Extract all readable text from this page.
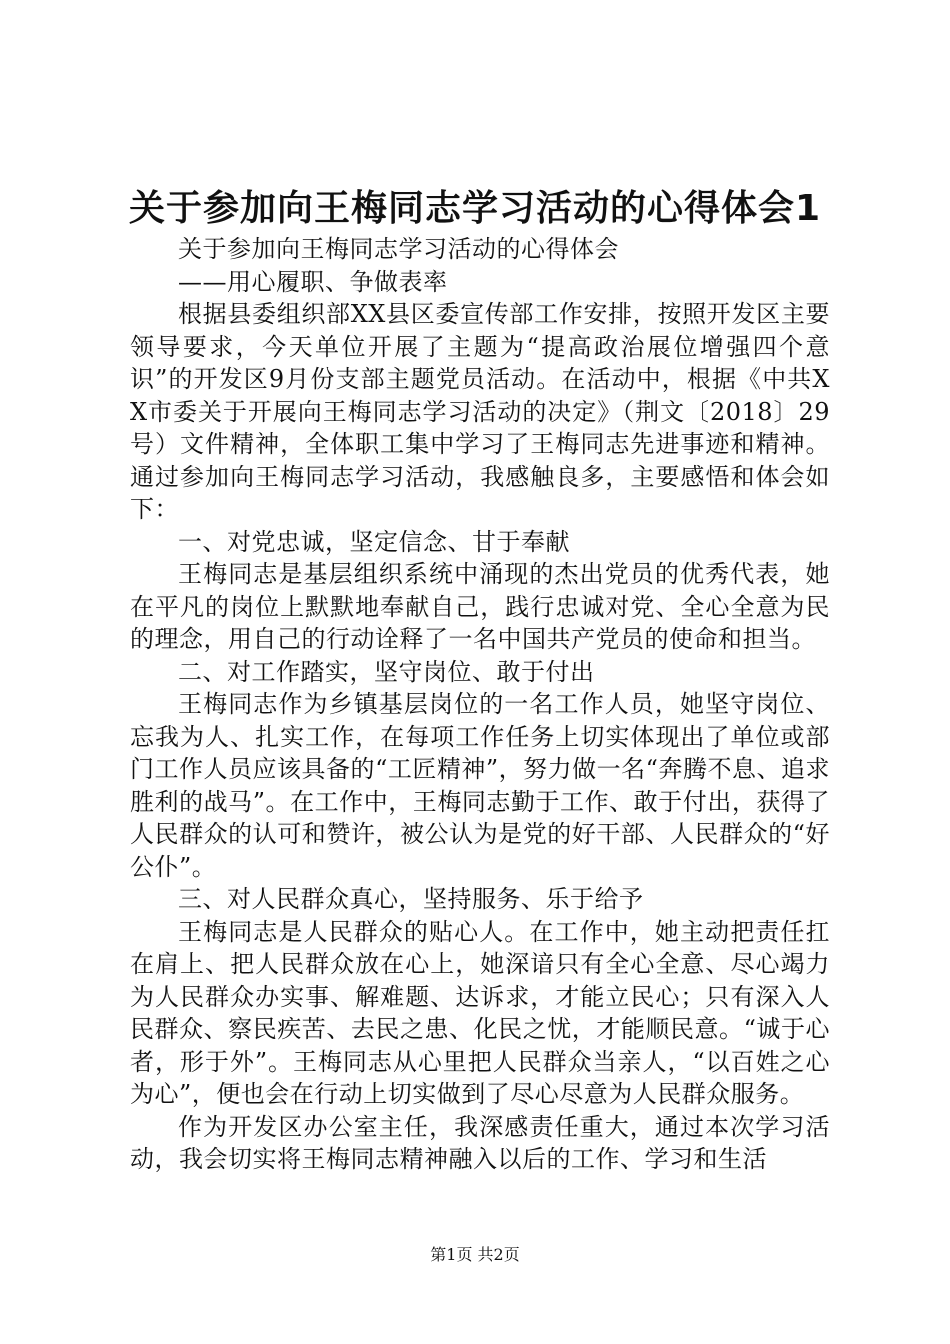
关于参加向王梅同志学习活动的心得体会1

关于参加向王梅同志学习活动的心得体会

——用心履职、争做表率

根据县委组织部XX县区委宣传部工作安排，按照开发区主要领导要求，今天单位开展了主题为“提高政治展位增强四个意识”的开发区9月份支部主题党员活动。在活动中，根据《中共XX市委关于开展向王梅同志学习活动的决定》（荆文〔2018〕29号）文件精神，全体职工集中学习了王梅同志先进事迹和精神。通过参加向王梅同志学习活动，我感触良多，主要感悟和体会如下：

一、对党忠诚，坚定信念、甘于奉献

王梅同志是基层组织系统中涌现的杰出党员的优秀代表，她在平凡的岗位上默默地奉献自己，践行忠诚对党、全心全意为民的理念，用自己的行动诠释了一名中国共产党员的使命和担当。

二、对工作踏实，坚守岗位、敢于付出

王梅同志作为乡镇基层岗位的一名工作人员，她坚守岗位、忘我为人、扎实工作，在每项工作任务上切实体现出了单位或部门工作人员应该具备的“工匠精神”，努力做一名“奔腾不息、追求胜利的战马”。在工作中，王梅同志勤于工作、敢于付出，获得了人民群众的认可和赞许，被公认为是党的好干部、人民群众的“好公仆”。

三、对人民群众真心，坚持服务、乐于给予

王梅同志是人民群众的贴心人。在工作中，她主动把责任扛在肩上、把人民群众放在心上，她深谙只有全心全意、尽心竭力为人民群众办实事、解难题、达诉求，才能立民心；只有深入人民群众、察民疾苦、去民之患、化民之忧，才能顺民意。“诚于心者，形于外”。王梅同志从心里把人民群众当亲人，“以百姓之心为心”，便也会在行动上切实做到了尽心尽意为人民群众服务。

作为开发区办公室主任，我深感责任重大，通过本次学习活动，我会切实将王梅同志精神融入以后的工作、学习和生活

第1页 共2页
